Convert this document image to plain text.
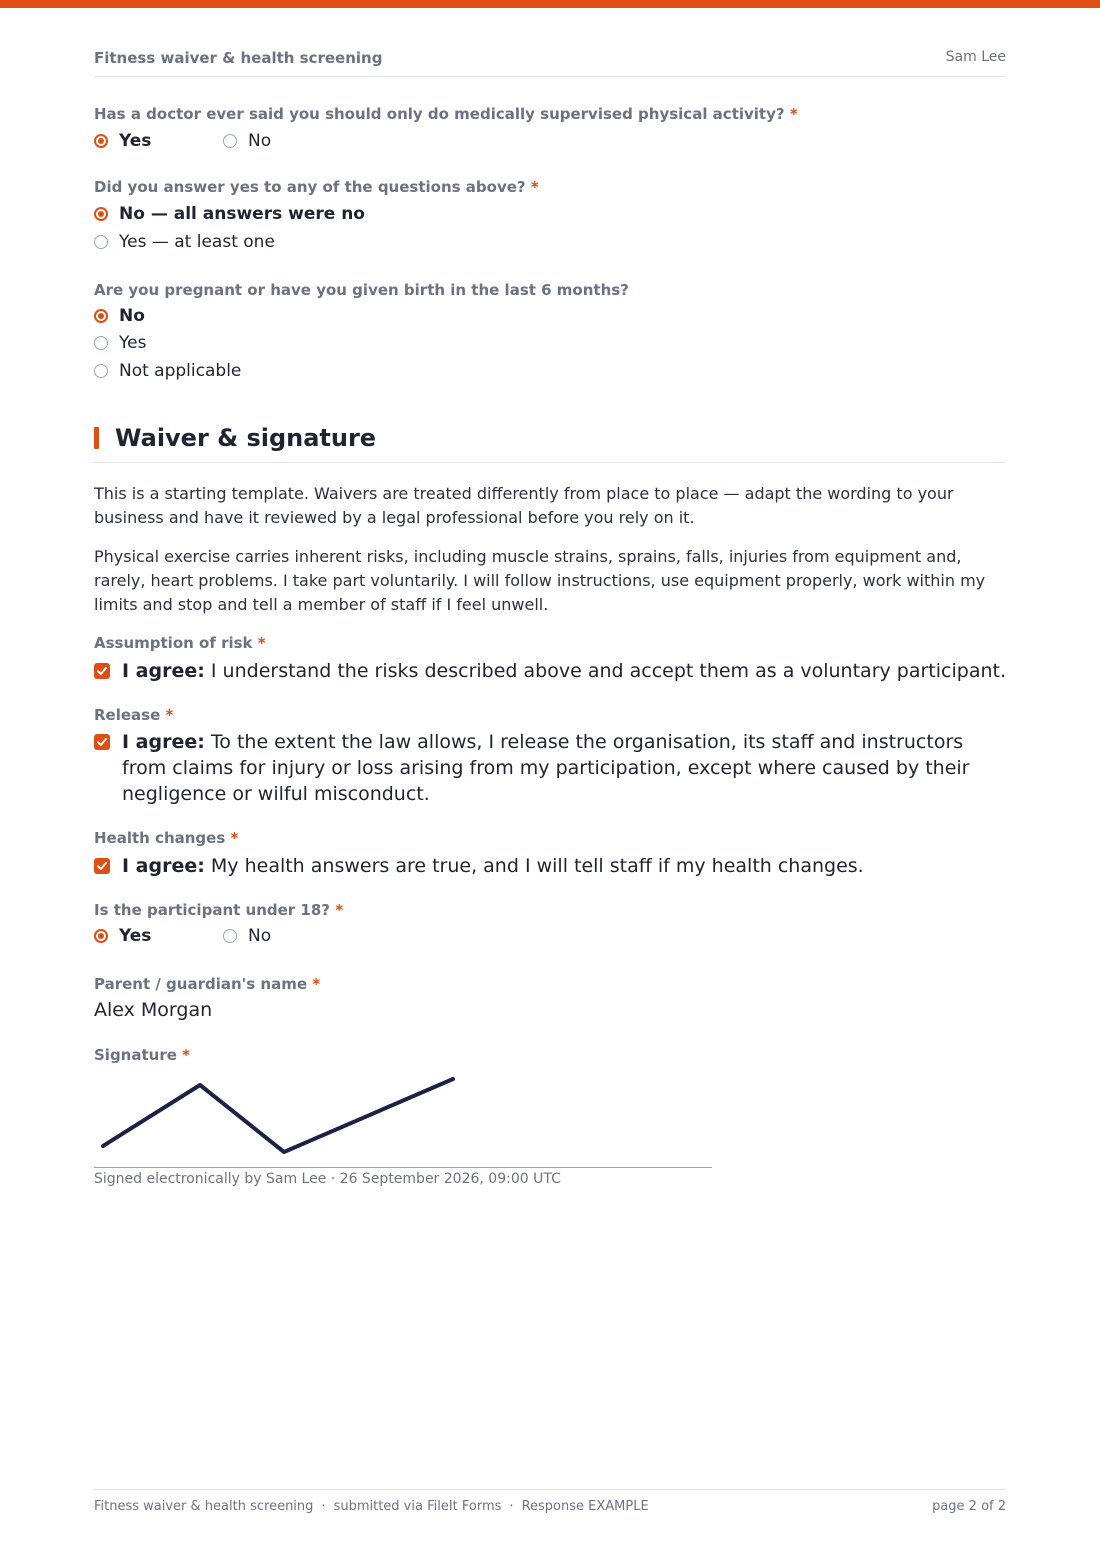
Fitness waiver & health screening	Sam Lee
Has a doctor ever said you should only do medically supervised physical activity? *
Yes	No
Did you answer yes to any of the questions above? *
No — all answers were no
Yes — at least one
Are you pregnant or have you given birth in the last 6 months?
No
Yes
Not applicable
Waiver & signature
This is a starting template. Waivers are treated differently from place to place — adapt the wording to your business and have it reviewed by a legal professional before you rely on it.
Physical exercise carries inherent risks, including muscle strains, sprains, falls, injuries from equipment and, rarely, heart problems. I take part voluntarily. I will follow instructions, use equipment properly, work within my limits and stop and tell a member of staff if I feel unwell.
Assumption of risk *
I agree: I understand the risks described above and accept them as a voluntary participant.
Release *
I agree: To the extent the law allows, I release the organisation, its staff and instructors from claims for injury or loss arising from my participation, except where caused by their negligence or wilful misconduct.
Health changes *
I agree: My health answers are true, and I will tell staff if my health changes.
Is the participant under 18? *
Yes	No
Parent / guardian's name *
Alex Morgan
Signature *
Signed electronically by Sam Lee · 26 September 2026, 09:00 UTC
Fitness waiver & health screening · submitted via FileIt Forms · Response EXAMPLE	page 2 of 2
